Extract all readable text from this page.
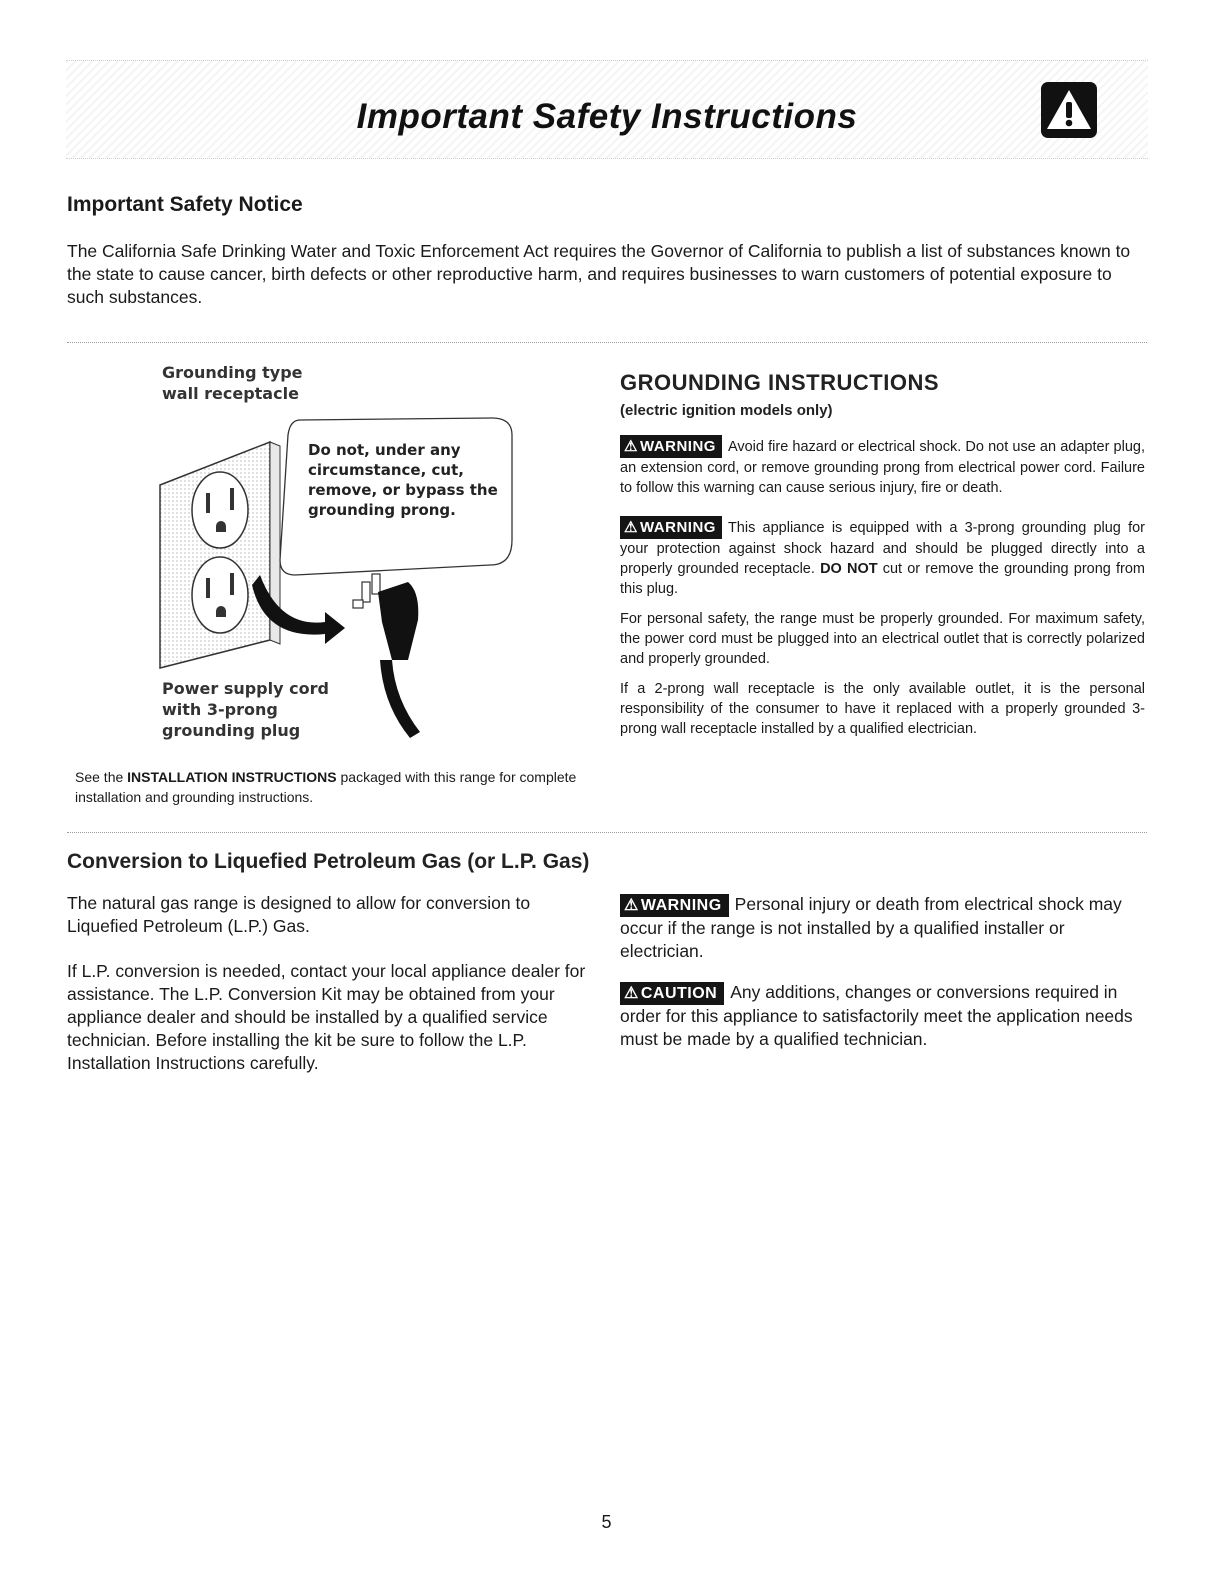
Important Safety Instructions
Important Safety Notice

The California Safe Drinking Water and Toxic Enforcement Act requires the Governor of California to publish a list of substances known to the state to cause cancer, birth defects or other reproductive harm, and requires businesses to warn customers of potential exposure to such substances.

Grounding type
wall receptacle

Do not, under any circumstance, cut, remove, or bypass the grounding prong.

Power supply cord
with 3-prong
grounding plug

See the INSTALLATION INSTRUCTIONS packaged with this range for complete installation and grounding instructions.

GROUNDING INSTRUCTIONS

(electric ignition models only)

⚠ WARNING Avoid fire hazard or electrical shock. Do not use an adapter plug, an extension cord, or remove grounding prong from electrical power cord. Failure to follow this warning can cause serious injury, fire or death.

⚠ WARNING This appliance is equipped with a 3-prong grounding plug for your protection against shock hazard and should be plugged directly into a properly grounded receptacle. DO NOT cut or remove the grounding prong from this plug.

For personal safety, the range must be properly grounded. For maximum safety, the power cord must be plugged into an electrical outlet that is correctly polarized and properly grounded.

If a 2-prong wall receptacle is the only available outlet, it is the personal responsibility of the consumer to have it replaced with a properly grounded 3-prong wall receptacle installed by a qualified electrician.

Conversion to Liquefied Petroleum Gas (or L.P. Gas)

The natural gas range is designed to allow for conversion to Liquefied Petroleum (L.P.) Gas.

If L.P. conversion is needed, contact your local appliance dealer for assistance. The L.P. Conversion Kit may be obtained from your appliance dealer and should be installed by a qualified service technician. Before installing the kit be sure to follow the L.P. Installation Instructions carefully.

⚠ WARNING Personal injury or death from electrical shock may occur if the range is not installed by a qualified installer or electrician.

⚠ CAUTION Any additions, changes or conversions required in order for this appliance to satisfactorily meet the application needs must be made by a qualified technician.

5
